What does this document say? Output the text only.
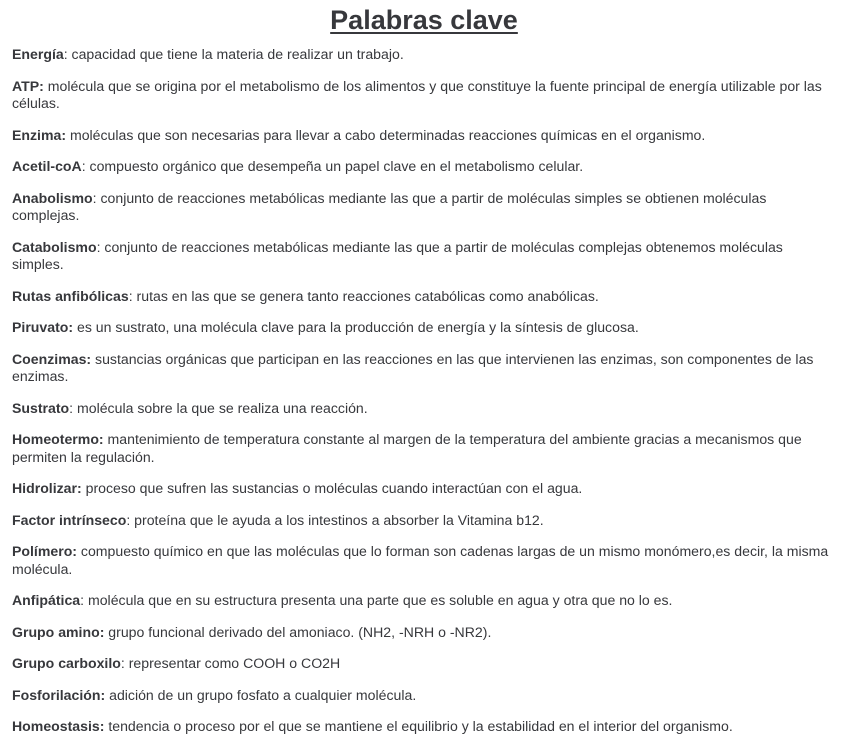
Palabras clave
Energía: capacidad que tiene la materia de realizar un trabajo.
ATP: molécula que se origina por el metabolismo de los alimentos y que constituye la fuente principal de energía utilizable por las células.
Enzima: moléculas que son necesarias para llevar a cabo determinadas reacciones químicas en el organismo.
Acetil-coA: compuesto orgánico que desempeña un papel clave en el metabolismo celular.
Anabolismo: conjunto de reacciones metabólicas mediante las que a partir de moléculas simples se obtienen moléculas complejas.
Catabolismo: conjunto de reacciones metabólicas mediante las que a partir de moléculas complejas obtenemos moléculas simples.
Rutas anfibólicas: rutas en las que se genera tanto reacciones catabólicas como anabólicas.
Piruvato: es un sustrato, una molécula clave para la producción de energía y la síntesis de glucosa.
Coenzimas: sustancias orgánicas que participan en las reacciones en las que intervienen las enzimas, son componentes de las enzimas.
Sustrato: molécula sobre la que se realiza una reacción.
Homeotermo: mantenimiento de temperatura constante al margen de la temperatura del ambiente gracias a mecanismos que permiten la regulación.
Hidrolizar: proceso que sufren las sustancias o moléculas cuando interactúan con el agua.
Factor intrínseco: proteína que le ayuda a los intestinos a absorber la Vitamina b12.
Polímero: compuesto químico en que las moléculas que lo forman son cadenas largas de un mismo monómero,es decir, la misma molécula.
Anfipática: molécula que en su estructura presenta una parte que es soluble en agua y otra que no lo es.
Grupo amino: grupo funcional derivado del amoniaco. (NH2, -NRH o -NR2).
Grupo carboxilo: representar como COOH o CO2H
Fosforilación: adición de un grupo fosfato a cualquier molécula.
Homeostasis: tendencia o proceso por el que se mantiene el equilibrio y la estabilidad en el interior del organismo.
